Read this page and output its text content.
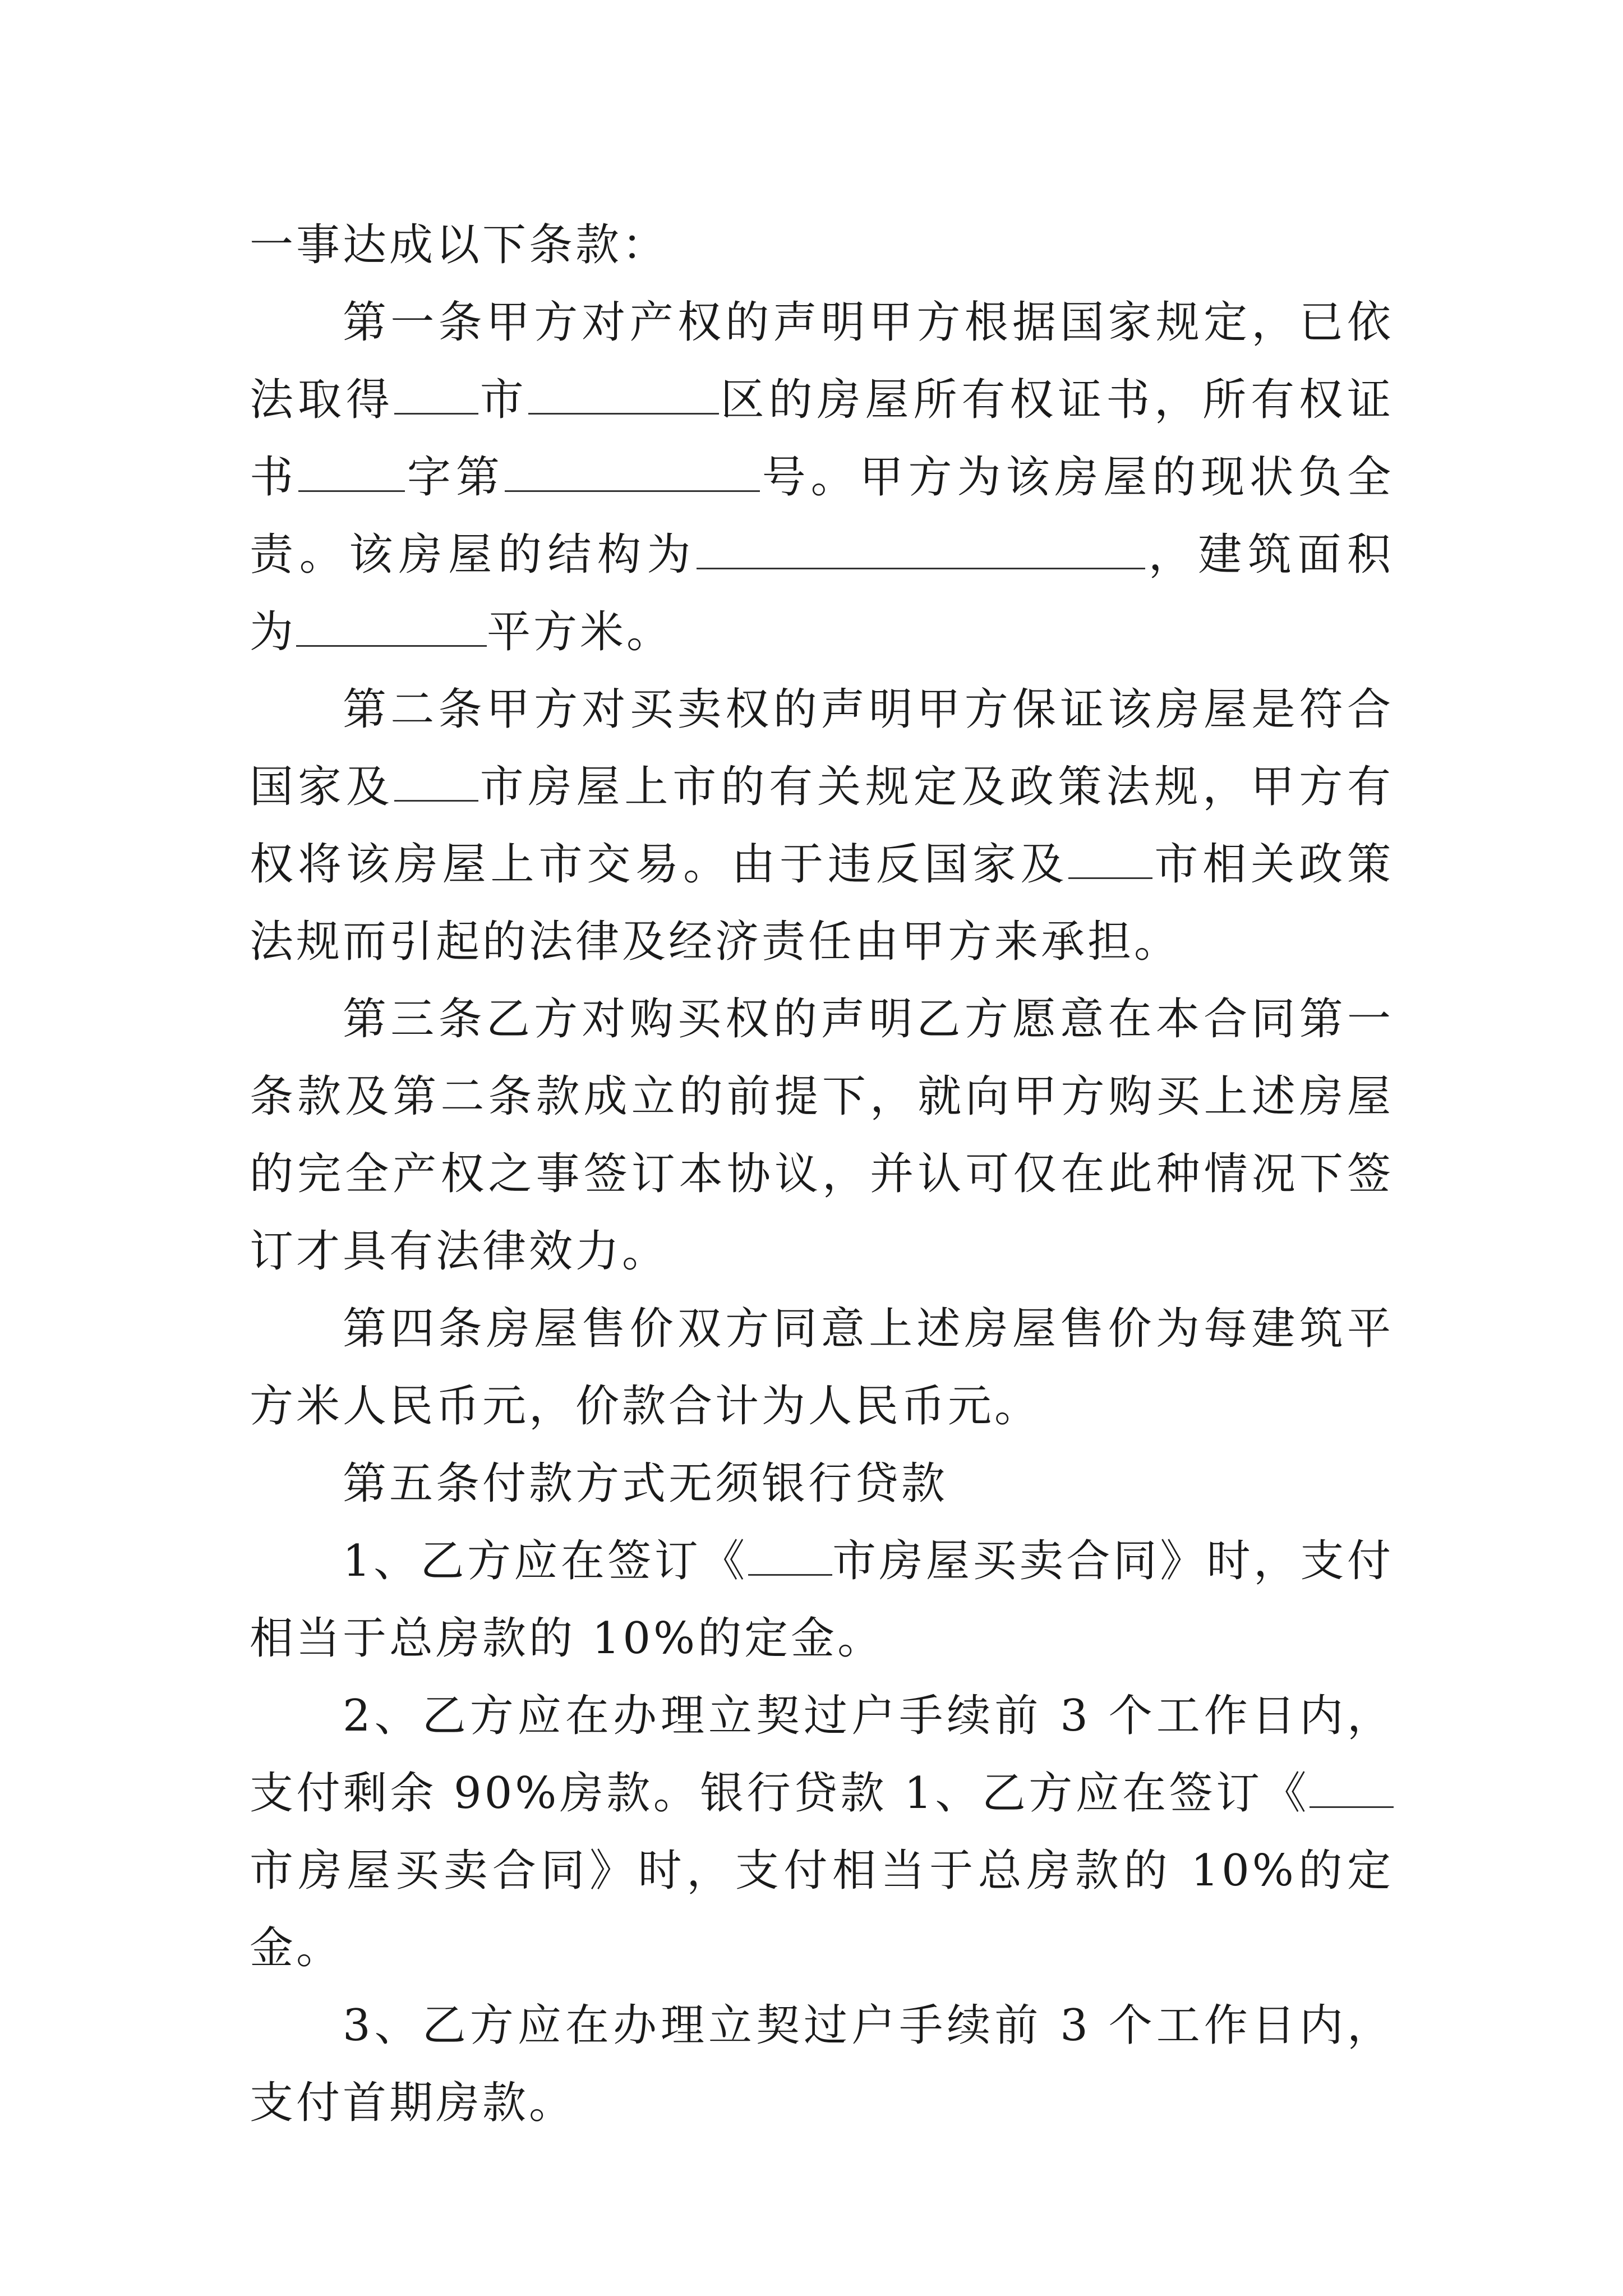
一事达成以下条款：

第一条甲方对产权的声明甲方根据国家规定，已依法取得 市	区的房屋所有权证书，所有权证书 字第	号。甲方为该房屋的现状负全责。该房屋的结构为	，建筑面积为	平方米。

第二条甲方对买卖权的声明甲方保证该房屋是符合国家及 市房屋上市的有关规定及政策法规，甲方有权将该房屋上市交易。由于违反国家及 市相关政策法规而引起的法律及经济责任由甲方来承担。

第三条乙方对购买权的声明乙方愿意在本合同第一条款及第二条款成立的前提下，就向甲方购买上述房屋的完全产权之事签订本协议，并认可仅在此种情况下签订才具有法律效力。

第四条房屋售价双方同意上述房屋售价为每建筑平方米人民币元，价款合计为人民币元。

第五条付款方式无须银行贷款

1、乙方应在签订《 市房屋买卖合同》时，支付相当于总房款的 10%的定金。

2、乙方应在办理立契过户手续前 3 个工作日内，支付剩余 90%房款。银行贷款 1、乙方应在签订《市房屋买卖合同》时，支付相当于总房款的 10%的定金。

3、乙方应在办理立契过户手续前 3 个工作日内，支付首期房款。
